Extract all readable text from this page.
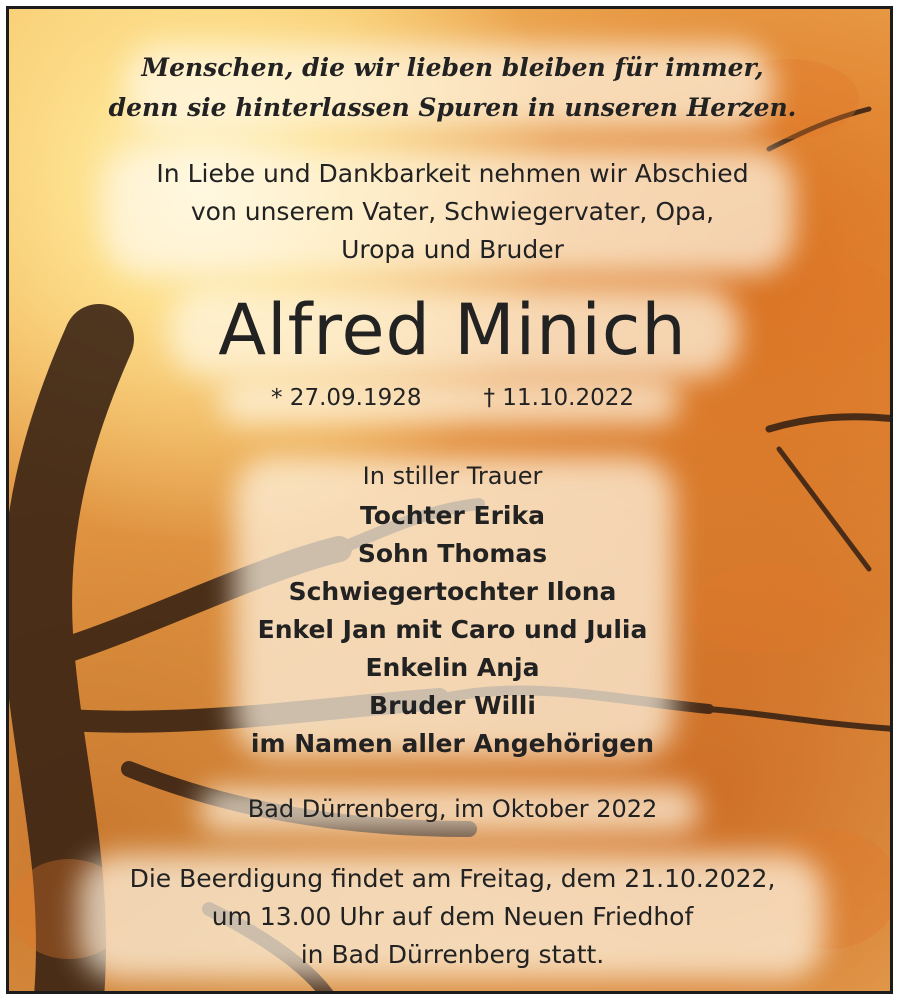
Menschen, die wir lieben bleiben für immer,
denn sie hinterlassen Spuren in unseren Herzen.
In Liebe und Dankbarkeit nehmen wir Abschied
von unserem Vater, Schwiegervater, Opa,
Uropa und Bruder
Alfred Minich
* 27.09.1928	† 11.10.2022
In stiller Trauer
Tochter Erika
Sohn Thomas
Schwiegertochter Ilona
Enkel Jan mit Caro und Julia
Enkelin Anja
Bruder Willi
im Namen aller Angehörigen
Bad Dürrenberg, im Oktober 2022
Die Beerdigung findet am Freitag, dem 21.10.2022,
um 13.00 Uhr auf dem Neuen Friedhof
in Bad Dürrenberg statt.
